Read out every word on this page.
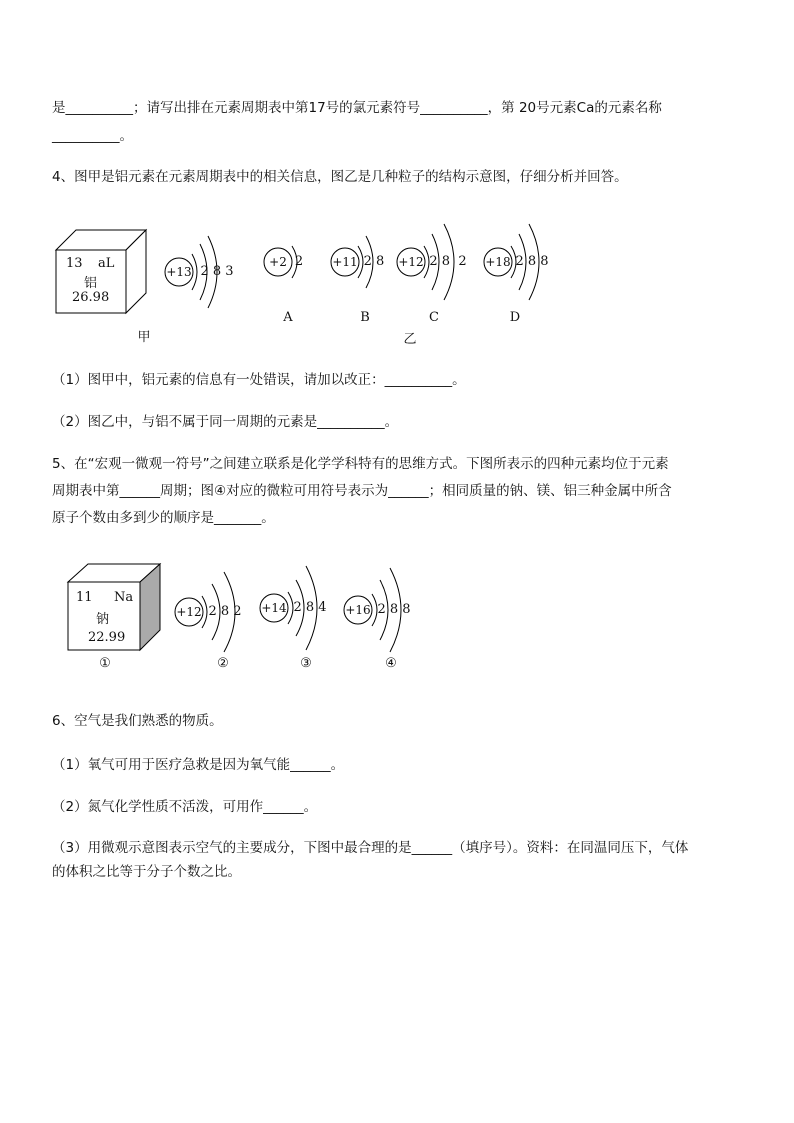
是__________；请写出排在元素周期表中第17号的氯元素符号__________，第 20号元素Ca的元素名称
__________。
4、图甲是铝元素在元素周期表中的相关信息，图乙是几种粒子的结构示意图，仔细分析并回答。
13 aL
铝
26.98
+13 2 8 3
+2 2
A
+11 2 8
B
+12 2 8  2
C
+18 2 8 8
D
甲	乙
（1）图甲中，铝元素的信息有一处错误，请加以改正：__________。
（2）图乙中，与铝不属于同一周期的元素是__________。
5、在“宏观一微观一符号”之间建立联系是化学学科特有的思维方式。下图所表示的四种元素均位于元素
周期表中第______周期；图④对应的微粒可用符号表示为______；相同质量的钠、镁、铝三种金属中所含
原子个数由多到少的顺序是_______。
11 Na
钠
22.99
①
+12 2 8 2
②
+14 2 8 4
③
+16 2 8 8
④
6、空气是我们熟悉的物质。
（1）氧气可用于医疗急救是因为氧气能______。
（2）氮气化学性质不活泼，可用作______。
（3）用微观示意图表示空气的主要成分，下图中最合理的是______（填序号）。资料：在同温同压下，气体
的体积之比等于分子个数之比。
